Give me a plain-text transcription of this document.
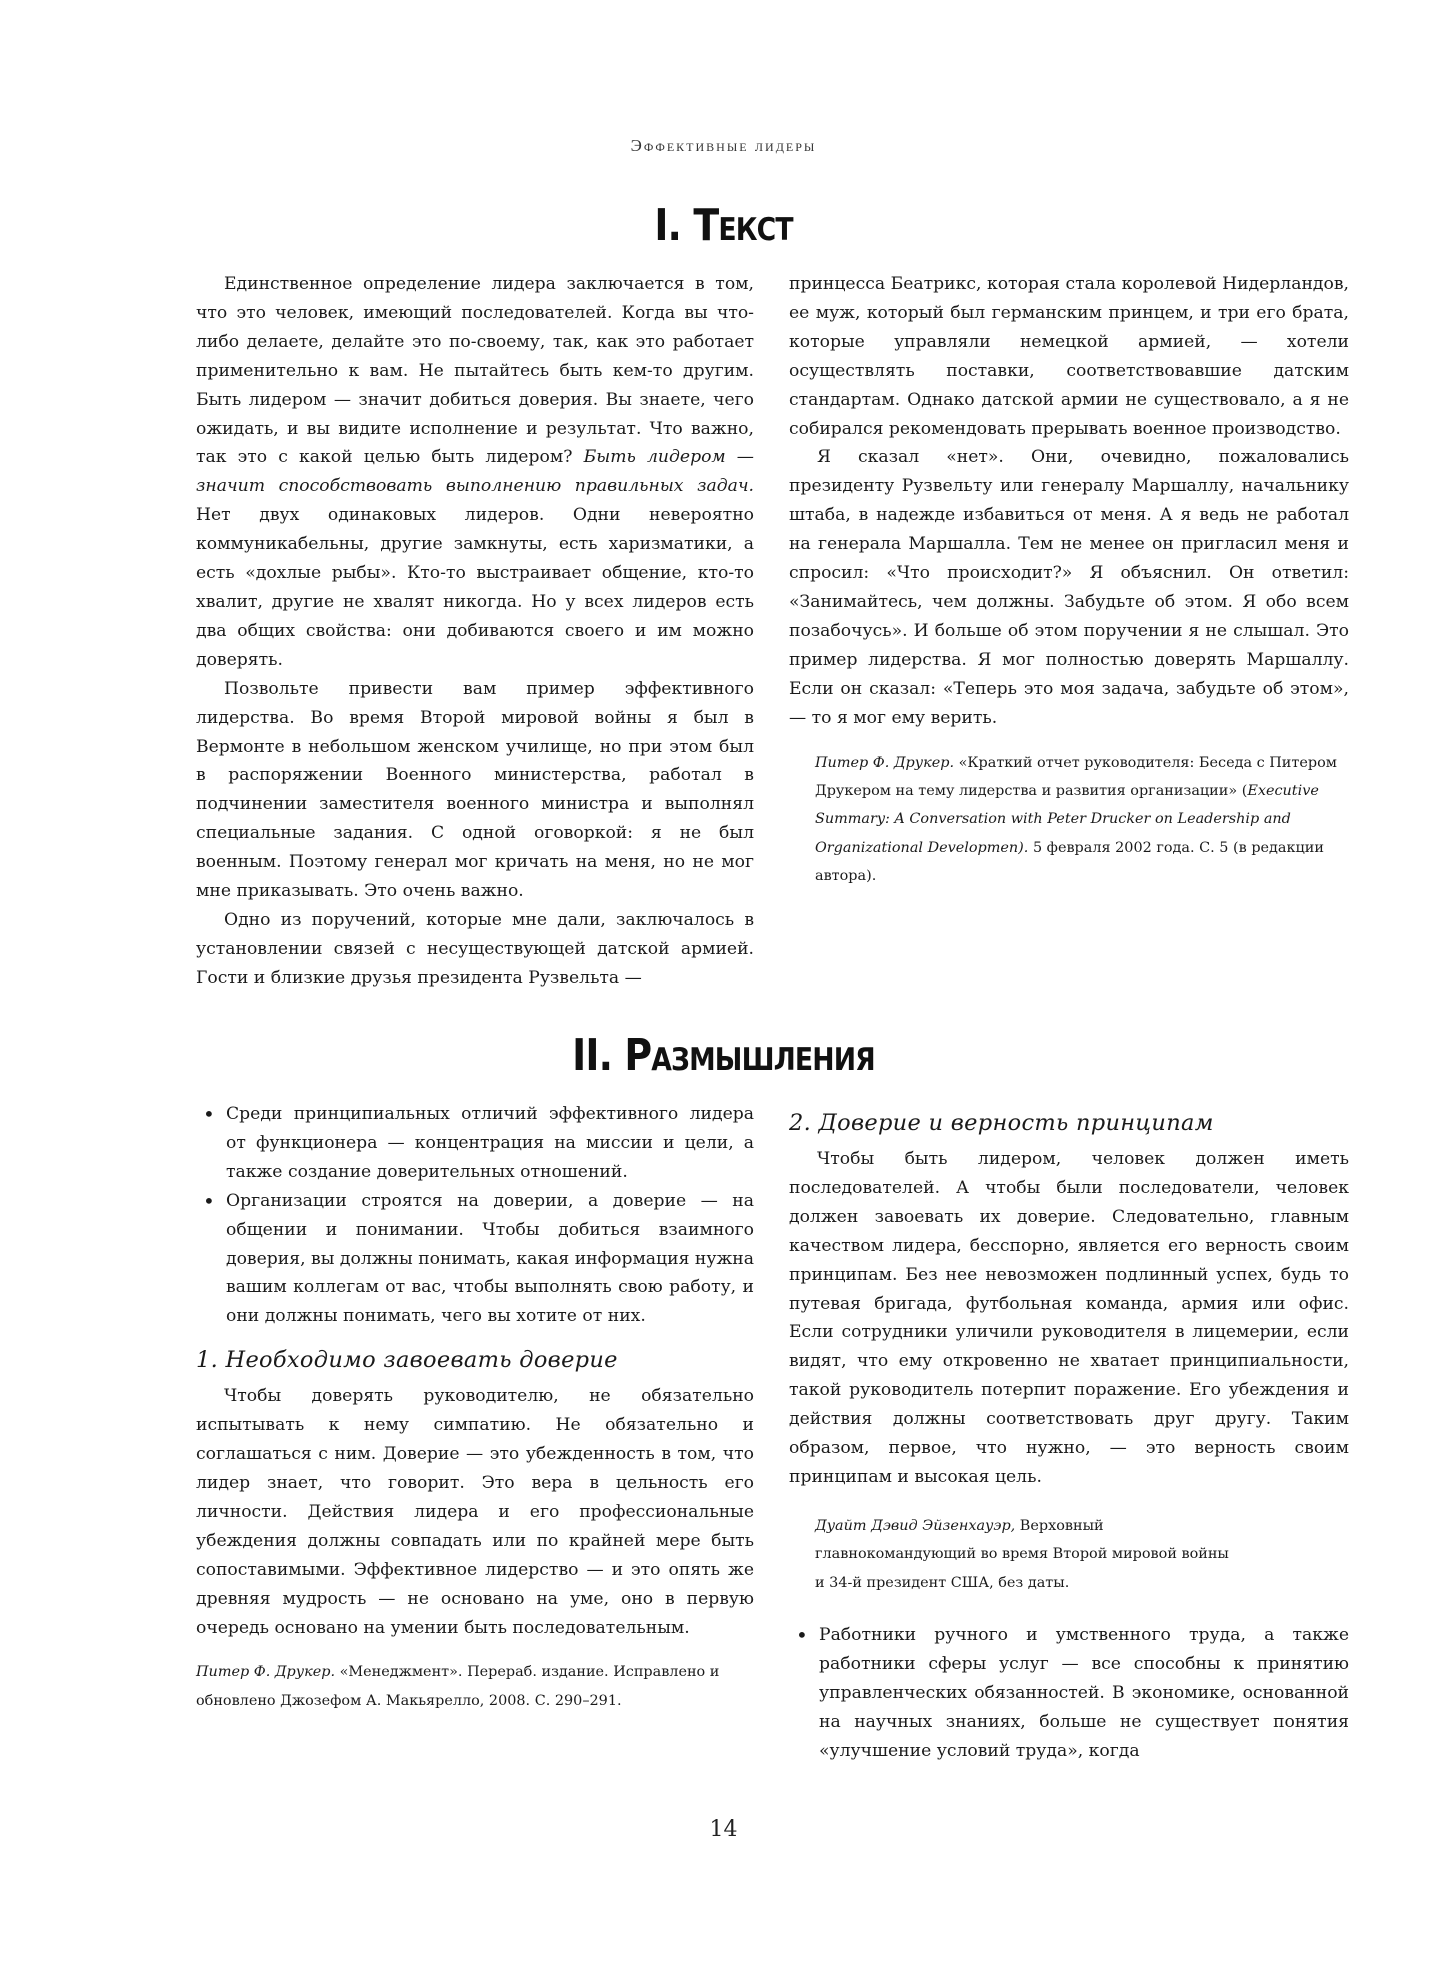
Эффективные лидеры
I. Текст

Единственное определение лидера заключается в том, что это человек, имеющий последователей. Когда вы что-либо делаете, делайте это по-своему, так, как это работает применительно к вам. Не пытайтесь быть кем-то другим. Быть лидером — значит добиться доверия. Вы знаете, чего ожидать, и вы видите исполнение и результат. Что важно, так это с какой целью быть лидером? Быть лидером — значит способствовать выполнению правильных задач. Нет двух одинаковых лидеров. Одни невероятно коммуникабельны, другие замкнуты, есть харизматики, а есть «дохлые рыбы». Кто-то выстраивает общение, кто-то хвалит, другие не хвалят никогда. Но у всех лидеров есть два общих свойства: они добиваются своего и им можно доверять.

Позвольте привести вам пример эффективного лидерства. Во время Второй мировой войны я был в Вермонте в небольшом женском училище, но при этом был в распоряжении Военного министерства, работал в подчинении заместителя военного министра и выполнял специальные задания. С одной оговоркой: я не был военным. Поэтому генерал мог кричать на меня, но не мог мне приказывать. Это очень важно.

Одно из поручений, которые мне дали, заключалось в установлении связей с несуществующей датской армией. Гости и близкие друзья президента Рузвельта —

принцесса Беатрикс, которая стала королевой Нидерландов, ее муж, который был германским принцем, и три его брата, которые управляли немецкой армией, — хотели осуществлять поставки, соответствовавшие датским стандартам. Однако датской армии не существовало, а я не собирался рекомендовать прерывать военное производство.

Я сказал «нет». Они, очевидно, пожаловались президенту Рузвельту или генералу Маршаллу, начальнику штаба, в надежде избавиться от меня. А я ведь не работал на генерала Маршалла. Тем не менее он пригласил меня и спросил: «Что происходит?» Я объяснил. Он ответил: «Занимайтесь, чем должны. Забудьте об этом. Я обо всем позабочусь». И больше об этом поручении я не слышал. Это пример лидерства. Я мог полностью доверять Маршаллу. Если он сказал: «Теперь это моя задача, забудьте об этом», — то я мог ему верить.

Питер Ф. Друкер. «Краткий отчет руководителя: Беседа с Питером Друкером на тему лидерства и развития организации» (Executive Summary: A Conversation with Peter Drucker on Leadership and Organizational Developmen). 5 февраля 2002 года. С. 5 (в редакции автора).

II. Размышления
• Среди принципиальных отличий эффективного лидера от функционера — концентрация на миссии и цели, а также создание доверительных отношений.
• Организации строятся на доверии, а доверие — на общении и понимании. Чтобы добиться взаимного доверия, вы должны понимать, какая информация нужна вашим коллегам от вас, чтобы выполнять свою работу, и они должны понимать, чего вы хотите от них.
1. Необходимо завоевать доверие

Чтобы доверять руководителю, не обязательно испытывать к нему симпатию. Не обязательно и соглашаться с ним. Доверие — это убежденность в том, что лидер знает, что говорит. Это вера в цельность его личности. Действия лидера и его профессиональные убеждения должны совпадать или по крайней мере быть сопоставимыми. Эффективное лидерство — и это опять же древняя мудрость — не основано на уме, оно в первую очередь основано на умении быть последовательным.

Питер Ф. Друкер. «Менеджмент». Перераб. издание. Исправлено и обновлено Джозефом А. Макьярелло, 2008. С. 290–291.

2. Доверие и верность принципам

Чтобы быть лидером, человек должен иметь последователей. А чтобы были последователи, человек должен завоевать их доверие. Следовательно, главным качеством лидера, бесспорно, является его верность своим принципам. Без нее невозможен подлинный успех, будь то путевая бригада, футбольная команда, армия или офис. Если сотрудники уличили руководителя в лицемерии, если видят, что ему откровенно не хватает принципиальности, такой руководитель потерпит поражение. Его убеждения и действия должны соответствовать друг другу. Таким образом, первое, что нужно, — это верность своим принципам и высокая цель.

Дуайт Дэвид Эйзенхауэр, Верховный главнокомандующий во время Второй мировой войны и 34-й президент США, без даты.

• Работники ручного и умственного труда, а также работники сферы услуг — все способны к принятию управленческих обязанностей. В экономике, основанной на научных знаниях, больше не существует понятия «улучшение условий труда», когда
14
